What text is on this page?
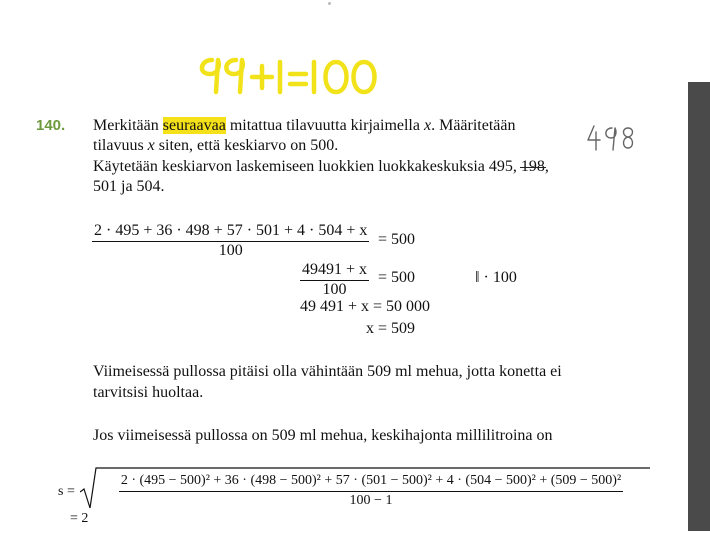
140. Merkitään seuraavaa mitattua tilavuutta kirjaimella x. Määritetään
tilavuus x siten, että keskiarvo on 500.
Käytetään keskiarvon laskemiseen luokkien luokkakeskuksia 495, 198,
501 ja 504.
$\frac{2 \cdot 495 + 36 \cdot 498 + 57 \cdot 501 + 4 \cdot 504 + x}{100} = 500$
$\frac{49491 + x}{100} = 500$	‖ · 100
49 491 + x = 50 000
x = 509
Viimeisessä pullossa pitäisi olla vähintään 509 ml mehua, jotta konetta ei
tarvitsisi huoltaa.
Jos viimeisessä pullossa on 509 ml mehua, keskihajonta millilitroina on
s =
2 · (495 − 500)² + 36 · (498 − 500)² + 57 · (501 − 500)² + 4 · (504 − 500)² + (509 − 500)²
100 − 1
= 2
